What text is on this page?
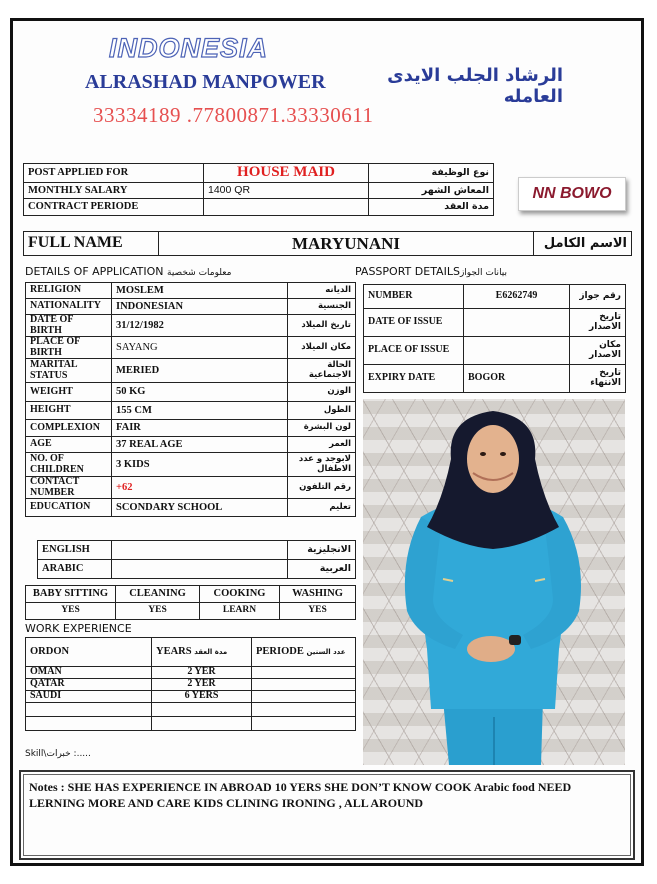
INDONESIA
ALRASHAD MANPOWER	الرشاد الجلب الايدى العامله
33334189 .77800871.33330611
POST APPLIED FOR	HOUSE MAID	نوع الوظيفة
MONTHLY SALARY	1400 QR	المعاش الشهر
CONTRACT PERIODE		مدة العقد
NN BOWO
FULL NAME	MARYUNANI	الاسم الكامل
DETAILS OF APPLICATION معلومات شخصية	PASSPORT DETAILSبيانات الجواز
RELIGION	MOSLEM	الديانه
NATIONALITY	INDONESIAN	الجنسية
DATE OF BIRTH	31/12/1982	تاريخ الميلاد
PLACE OF BIRTH	SAYANG	مكان الميلاد
MARITAL STATUS	MERIED	الحالة الاجتماعية
WEIGHT	50 KG	الوزن
HEIGHT	155 CM	الطول
COMPLEXION	FAIR	لون البشرة
AGE	37 REAL AGE	العمر
NO. OF CHILDREN	3 KIDS	لابوجد و عدد الاطفال
CONTACT NUMBER	+62	رقم التلفون
EDUCATION	SCONDARY SCHOOL	تعليم
ENGLISH		الانجليزية
ARABIC		العربية
BABY SITTING	CLEANING	COOKING	WASHING
YES	YES	LEARN	YES
WORK EXPERIENCE
ORDON	YEARS مدة العقد	PERIODE عدد السنين
OMAN	2 YER	
QATAR	2 YER	
SAUDI	6 YERS	

Skill\خبرات :.....
NUMBER	E6262749	رقم جواز
DATE OF ISSUE		تاريخ الاصدار
PLACE OF ISSUE		مكان الاصدار
EXPIRY DATE	BOGOR	تاريخ الانتهاء
Notes : SHE HAS EXPERIENCE IN ABROAD 10 YERS SHE DON’T KNOW COOK Arabic food NEED LERNING MORE AND CARE KIDS CLINING IRONING , ALL AROUND
